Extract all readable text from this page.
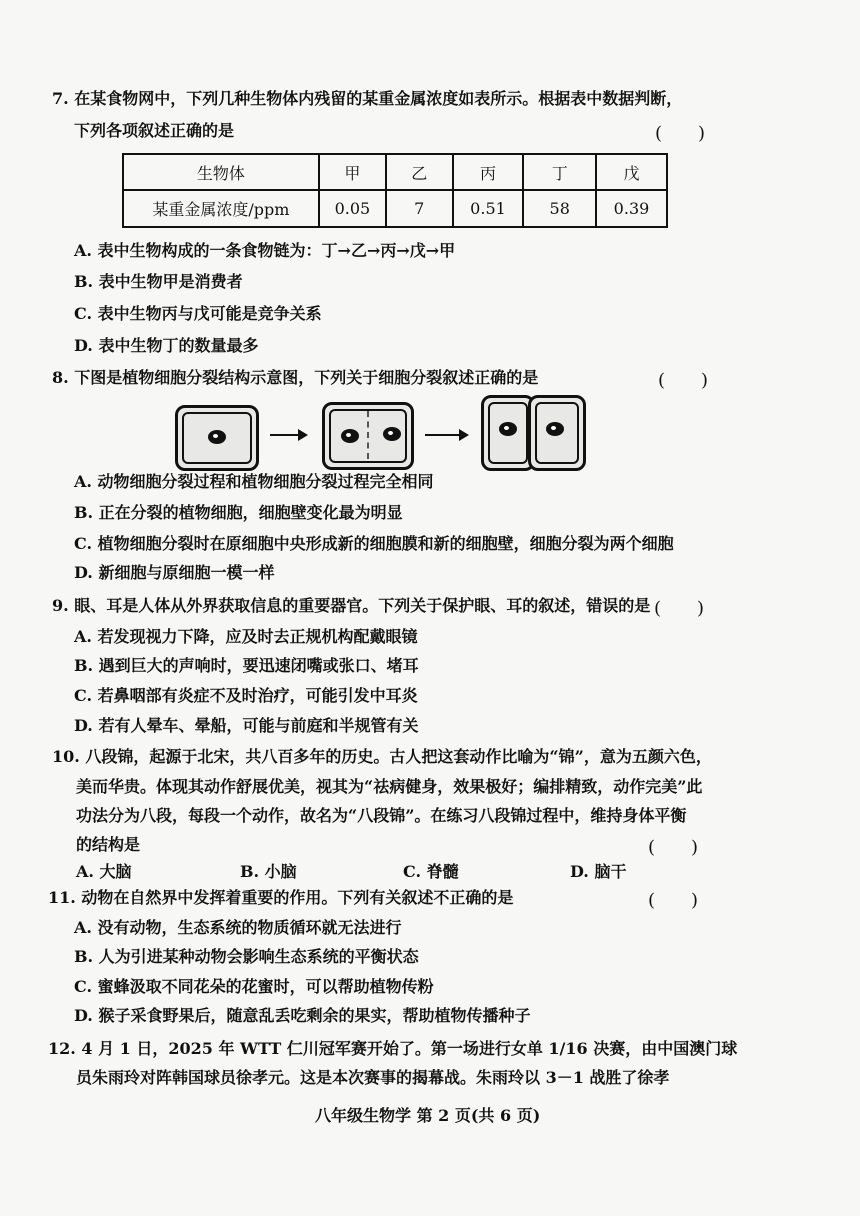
7. 在某食物网中，下列几种生物体内残留的某重金属浓度如表所示。根据表中数据判断，
下列各项叙述正确的是	(　　)
生物体	甲	乙	丙	丁	戊
某重金属浓度/ppm	0.05	7	0.51	58	0.39
A. 表中生物构成的一条食物链为：丁→乙→丙→戊→甲
B. 表中生物甲是消费者
C. 表中生物丙与戊可能是竞争关系
D. 表中生物丁的数量最多
8. 下图是植物细胞分裂结构示意图，下列关于细胞分裂叙述正确的是	(　　)
A. 动物细胞分裂过程和植物细胞分裂过程完全相同
B. 正在分裂的植物细胞，细胞壁变化最为明显
C. 植物细胞分裂时在原细胞中央形成新的细胞膜和新的细胞壁，细胞分裂为两个细胞
D. 新细胞与原细胞一模一样
9. 眼、耳是人体从外界获取信息的重要器官。下列关于保护眼、耳的叙述，错误的是 (　　)
A. 若发现视力下降，应及时去正规机构配戴眼镜
B. 遇到巨大的声响时，要迅速闭嘴或张口、堵耳
C. 若鼻咽部有炎症不及时治疗，可能引发中耳炎
D. 若有人晕车、晕船，可能与前庭和半规管有关
10. 八段锦，起源于北宋，共八百多年的历史。古人把这套动作比喻为“锦”，意为五颜六色，
美而华贵。体现其动作舒展优美，视其为“祛病健身，效果极好；编排精致，动作完美”此
功法分为八段，每段一个动作，故名为“八段锦”。在练习八段锦过程中，维持身体平衡
的结构是	(　　)
A. 大脑	B. 小脑	C. 脊髓	D. 脑干
11. 动物在自然界中发挥着重要的作用。下列有关叙述不正确的是	(　　)
A. 没有动物，生态系统的物质循环就无法进行
B. 人为引进某种动物会影响生态系统的平衡状态
C. 蜜蜂汲取不同花朵的花蜜时，可以帮助植物传粉
D. 猴子采食野果后，随意乱丢吃剩余的果实，帮助植物传播种子
12. 4 月 1 日，2025 年 WTT 仁川冠军赛开始了。第一场进行女单 1/16 决赛，由中国澳门球
员朱雨玲对阵韩国球员徐孝元。这是本次赛事的揭幕战。朱雨玲以 3－1 战胜了徐孝
八年级生物学 第 2 页(共 6 页)
